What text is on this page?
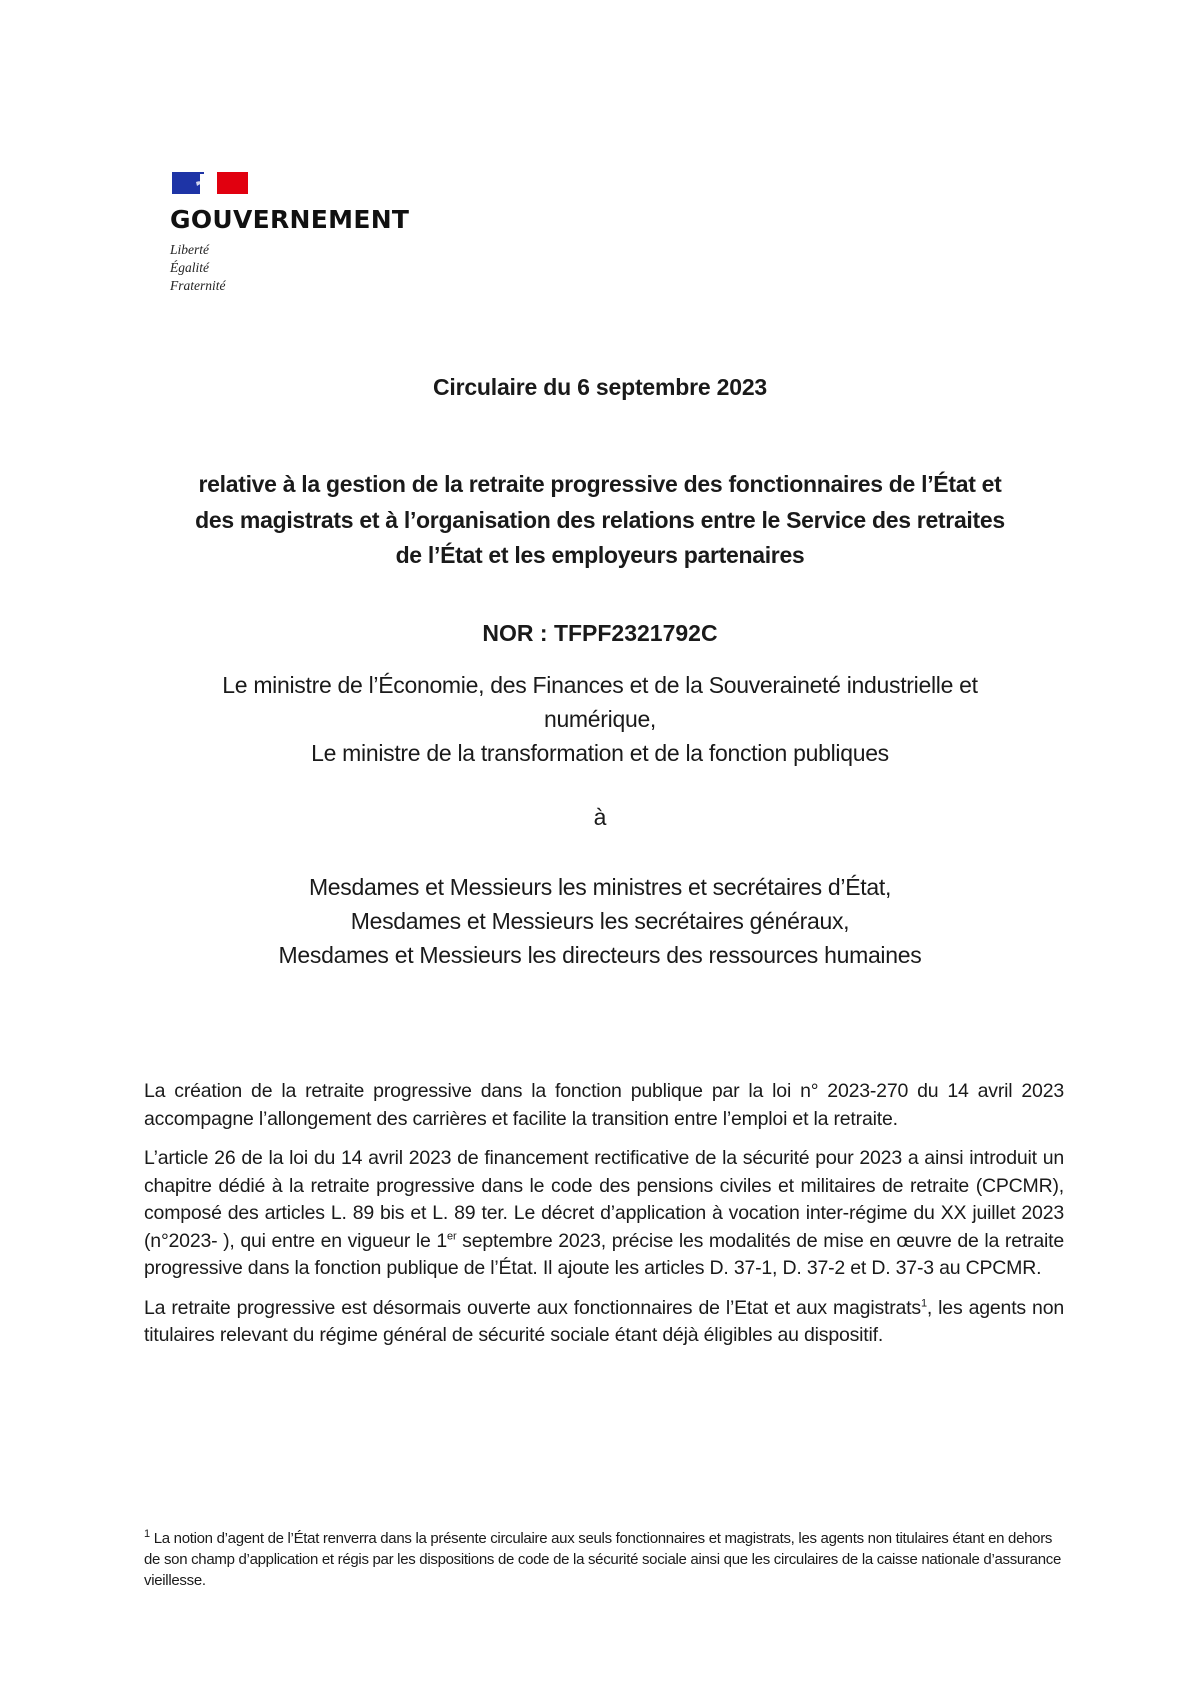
GOUVERNEMENT
Liberté
Égalité
Fraternité
Circulaire du 6 septembre 2023
relative à la gestion de la retraite progressive des fonctionnaires de l’État et
des magistrats et à l’organisation des relations entre le Service des retraites
de l’État et les employeurs partenaires
NOR : TFPF2321792C
Le ministre de l’Économie, des Finances et de la Souveraineté industrielle et
numérique,
Le ministre de la transformation et de la fonction publiques
à
Mesdames et Messieurs les ministres et secrétaires d’État,
Mesdames et Messieurs les secrétaires généraux,
Mesdames et Messieurs les directeurs des ressources humaines

La création de la retraite progressive dans la fonction publique par la loi n° 2023-270 du 14 avril 2023 accompagne l’allongement des carrières et facilite la transition entre l’emploi et la retraite.

L’article 26 de la loi du 14 avril 2023 de financement rectificative de la sécurité pour 2023 a ainsi introduit un chapitre dédié à la retraite progressive dans le code des pensions civiles et militaires de retraite (CPCMR), composé des articles L. 89 bis et L. 89 ter. Le décret d’application à vocation inter-régime du XX juillet 2023 (n°2023- ), qui entre en vigueur le 1er septembre 2023, précise les modalités de mise en œuvre de la retraite progressive dans la fonction publique de l’État. Il ajoute les articles D. 37-1, D. 37-2 et D. 37-3 au CPCMR.

La retraite progressive est désormais ouverte aux fonctionnaires de l’Etat et aux magistrats$^1$, les agents non titulaires relevant du régime général de sécurité sociale étant déjà éligibles au dispositif.

$^1$ La notion d’agent de l’État renverra dans la présente circulaire aux seuls fonctionnaires et magistrats, les agents non titulaires étant en dehors de son champ d’application et régis par les dispositions de code de la sécurité sociale ainsi que les circulaires de la caisse nationale d’assurance vieillesse.
